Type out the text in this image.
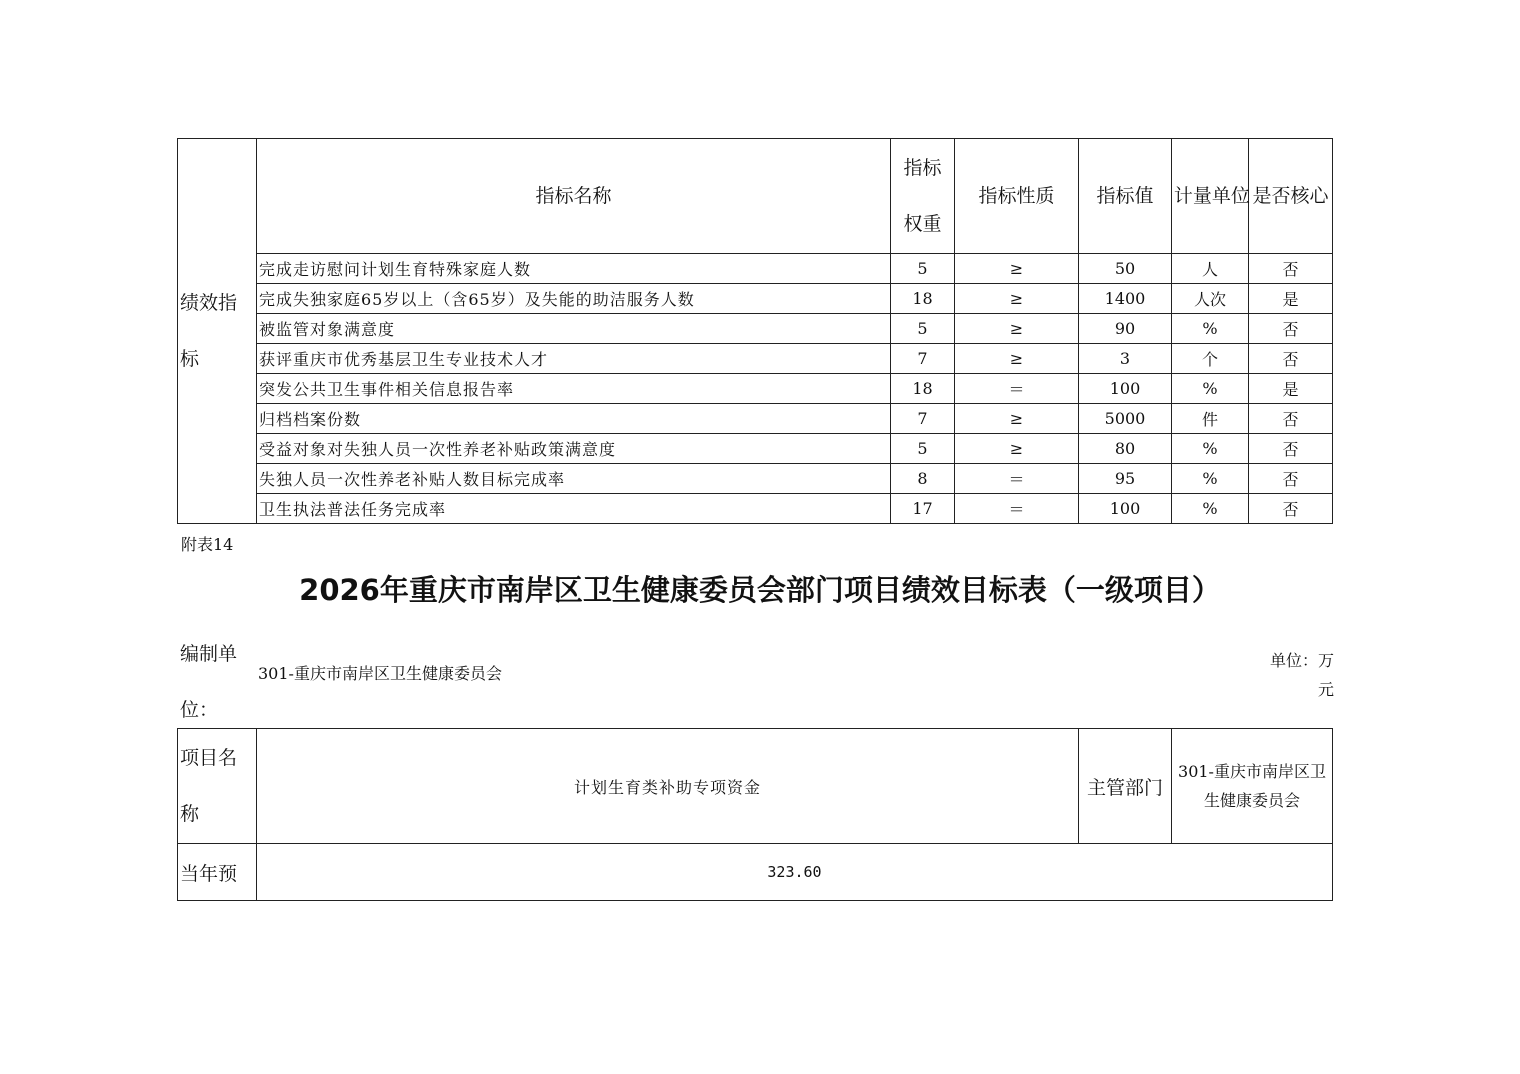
绩效指标	指标名称	指标权重	指标性质	指标值	计量单位	是否核心

	完成走访慰问计划生育特殊家庭人数	5	≥	50	人	否
	完成失独家庭65岁以上（含65岁）及失能的助洁服务人数	18	≥	1400	人次	是
	被监管对象满意度	5	≥	90	%	否
	获评重庆市优秀基层卫生专业技术人才	7	≥	3	个	否
	突发公共卫生事件相关信息报告率	18	＝	100	%	是
	归档档案份数	7	≥	5000	件	否
	受益对象对失独人员一次性养老补贴政策满意度	5	≥	80	%	否
	失独人员一次性养老补贴人数目标完成率	8	＝	95	%	否
	卫生执法普法任务完成率	17	＝	100	%	否
附表14
2026年重庆市南岸区卫生健康委员会部门项目绩效目标表（一级项目）
编制单位：
301-重庆市南岸区卫生健康委员会
单位：万元
项目名称	计划生育类补助专项资金	主管部门	301-重庆市南岸区卫生健康委员会
当年预	323.60		
